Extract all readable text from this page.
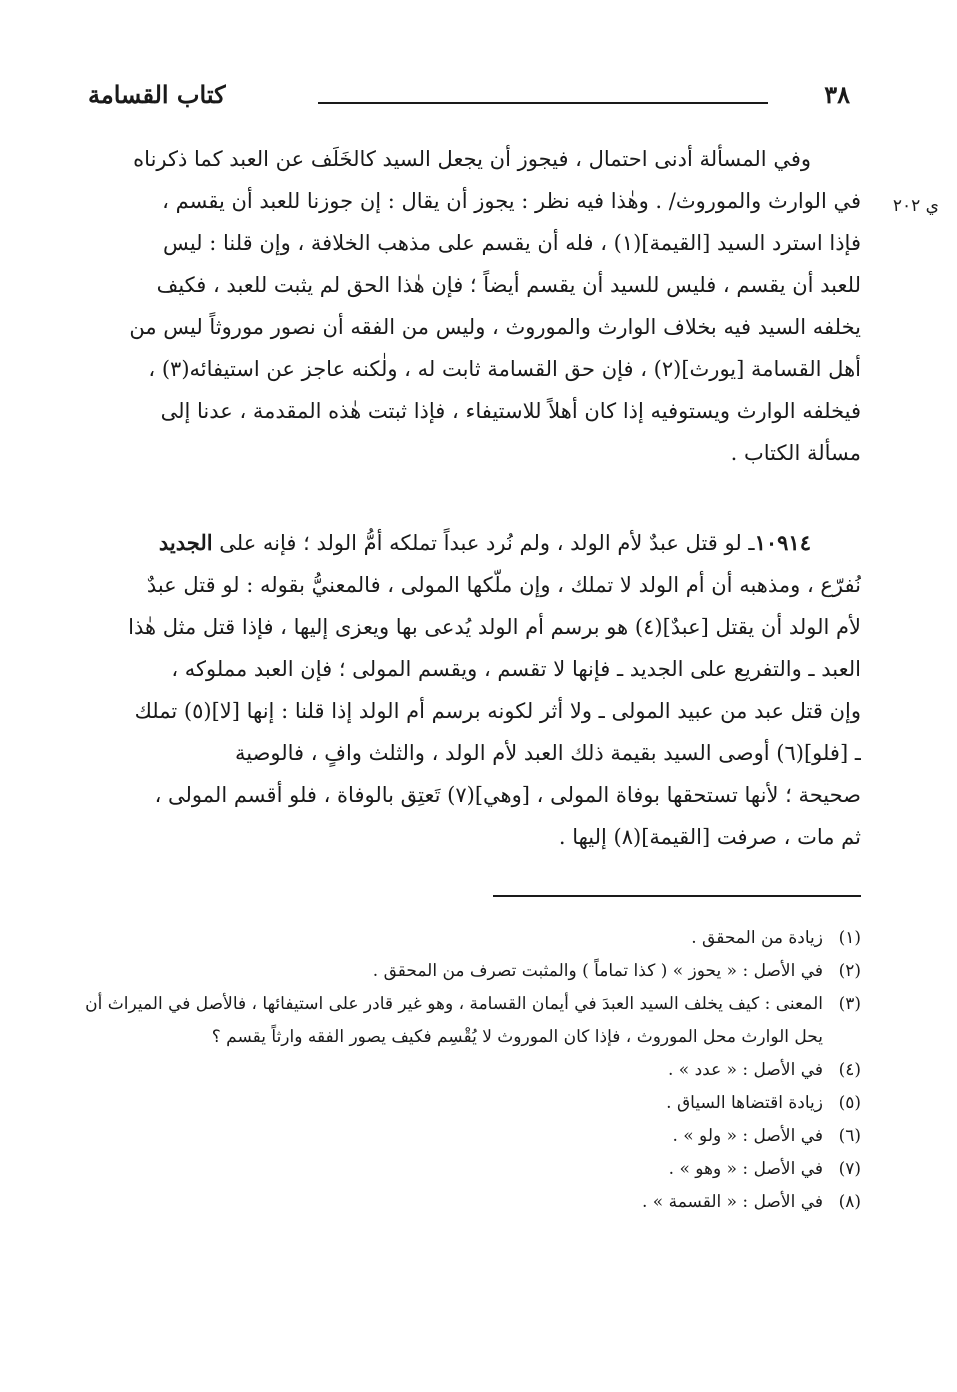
٣٨
كتاب القسامة
ي ٢٠٢
وفي المسألة أدنى احتمال ، فيجوز أن يجعل السيد كالخَلَف عن العبد كما ذكرناه
في الوارث والموروث/ . وهٰذا فيه نظر : يجوز أن يقال : إن جوزنا للعبد أن يقسم ،
فإذا استرد السيد [القيمة](١) ، فله أن يقسم على مذهب الخلافة ، وإن قلنا : ليس
للعبد أن يقسم ، فليس للسيد أن يقسم أيضاً ؛ فإن هٰذا الحق لم يثبت للعبد ، فكيف
يخلفه السيد فيه بخلاف الوارث والموروث ، وليس من الفقه أن نصور موروثاً ليس من
أهل القسامة [يورث](٢) ، فإن حق القسامة ثابت له ، ولٰكنه عاجز عن استيفائه(٣) ،
فيخلفه الوارث ويستوفيه إذا كان أهلاً للاستيفاء ، فإذا ثبتت هٰذه المقدمة ، عدنا إلى
مسألة الكتاب .
١٠٩١٤ـ لو قتل عبدٌ لأم الولد ، ولم نُرد عبداً تملكه أمُّ الولد ؛ فإنه على الجديد
نُفرّع ، ومذهبه أن أم الولد لا تملك ، وإن ملّكها المولى ، فالمعنيُّ بقوله : لو قتل عبدٌ
لأم الولد أن يقتل [عبدٌ](٤) هو برسم أم الولد يُدعى بها ويعزى إليها ، فإذا قتل مثل هٰذا
العبد ـ والتفريع على الجديد ـ فإنها لا تقسم ، ويقسم المولى ؛ فإن العبد مملوكه ،
وإن قتل عبد من عبيد المولى ـ ولا أثر لكونه برسم أم الولد إذا قلنا : إنها [لا](٥) تملك
ـ [فلو](٦) أوصى السيد بقيمة ذلك العبد لأم الولد ، والثلث وافٍ ، فالوصية
صحيحة ؛ لأنها تستحقها بوفاة المولى ، [وهي](٧) تَعتِق بالوفاة ، فلو أقسم المولى ،
ثم مات ، صرفت [القيمة](٨) إليها .
(١)
زيادة من المحقق .
(٢)
في الأصل : « يحوز » ( كذا تماماً ) والمثبت تصرف من المحقق .
(٣)
المعنى : كيف يخلف السيد العبدَ في أيمان القسامة ، وهو غير قادر على استيفائها ، فالأصل في الميراث أن يحل الوارث محل الموروث ، فإذا كان الموروث لا يُقْسِم فكيف يصور الفقه وارثاً يقسم ؟
(٤)
في الأصل : « عدد » .
(٥)
زيادة اقتضاها السياق .
(٦)
في الأصل : « ولو » .
(٧)
في الأصل : « وهو » .
(٨)
في الأصل : « القسمة » .
